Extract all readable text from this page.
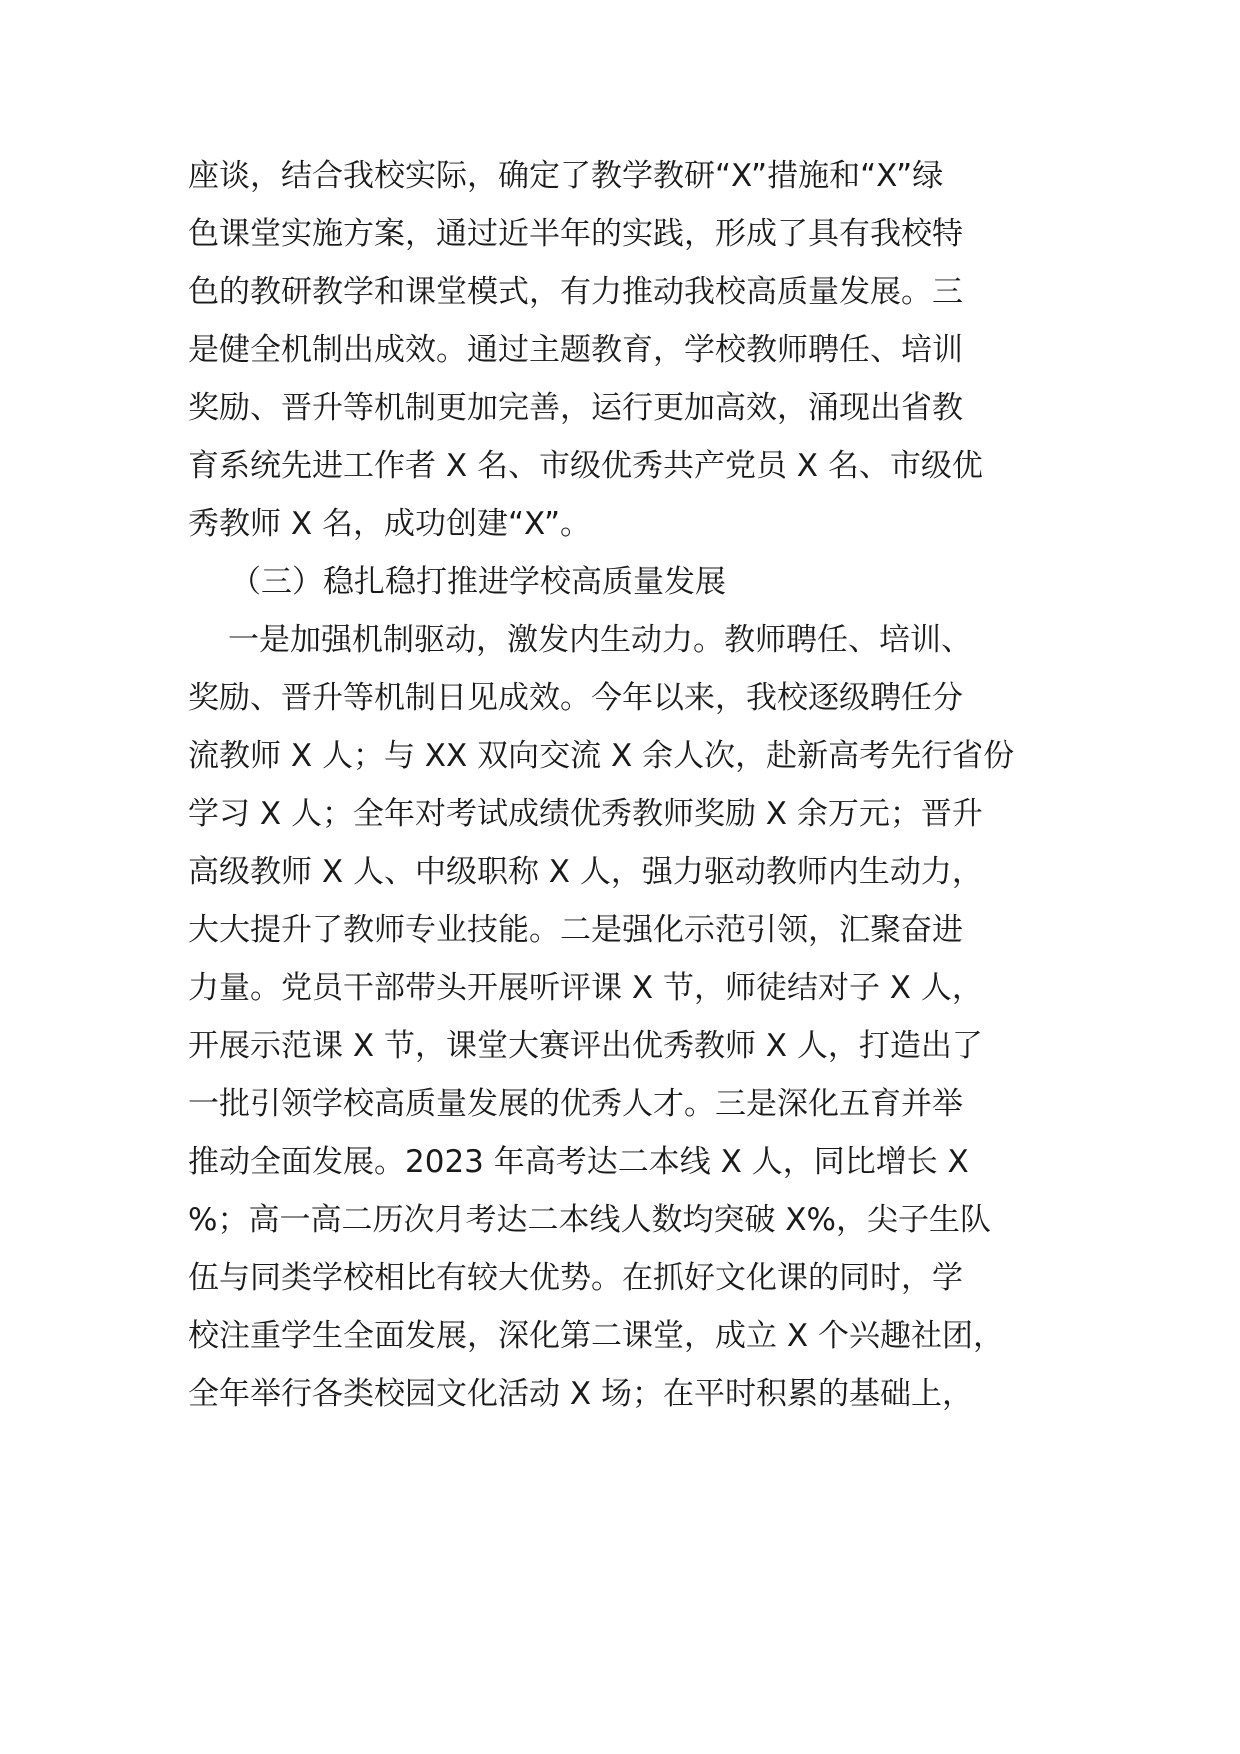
座谈，结合我校实际，确定了教学教研“X”措施和“X”绿

色课堂实施方案，通过近半年的实践，形成了具有我校特

色的教研教学和课堂模式，有力推动我校高质量发展。三

是健全机制出成效。通过主题教育，学校教师聘任、培训

奖励、晋升等机制更加完善，运行更加高效，涌现出省教

育系统先进工作者 X 名、市级优秀共产党员 X 名、市级优

秀教师 X 名，成功创建“X”。

（三）稳扎稳打推进学校高质量发展

一是加强机制驱动，激发内生动力。教师聘任、培训、

奖励、晋升等机制日见成效。今年以来，我校逐级聘任分

流教师 X 人；与 XX 双向交流 X 余人次，赴新高考先行省份

学习 X 人；全年对考试成绩优秀教师奖励 X 余万元；晋升

高级教师 X 人、中级职称 X 人，强力驱动教师内生动力，

大大提升了教师专业技能。二是强化示范引领，汇聚奋进

力量。党员干部带头开展听评课 X 节，师徒结对子 X 人，

开展示范课 X 节，课堂大赛评出优秀教师 X 人，打造出了

一批引领学校高质量发展的优秀人才。三是深化五育并举

推动全面发展。2023 年高考达二本线 X 人，同比增长 X

%；高一高二历次月考达二本线人数均突破 X%，尖子生队

伍与同类学校相比有较大优势。在抓好文化课的同时，学

校注重学生全面发展，深化第二课堂，成立 X 个兴趣社团，

全年举行各类校园文化活动 X 场；在平时积累的基础上，
